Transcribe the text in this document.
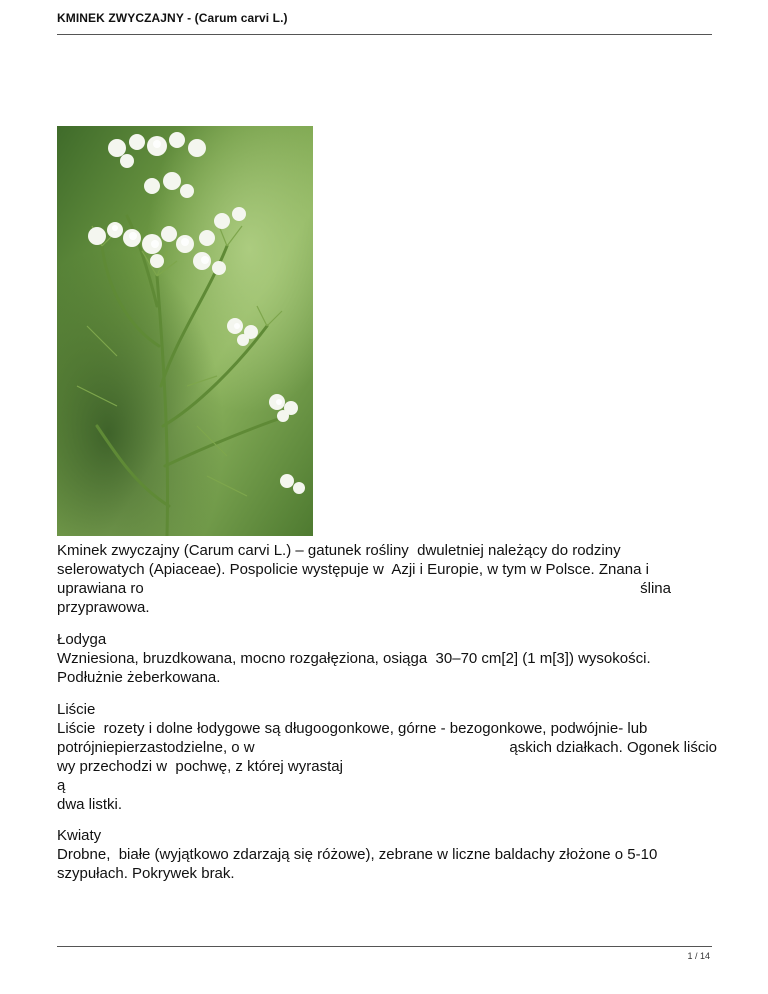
KMINEK ZWYCZAJNY - (Carum carvi L.)
Kminek zwyczajny (Carum carvi L.) – gatunek rośliny  dwuletniej należący do rodziny
selerowatych (Apiaceae). Pospolicie występuje w  Azji i Europie, w tym w Polsce. Znana i
uprawiana ro	ślina
przyprawowa.
Łodyga
Wzniesiona, bruzdkowana, mocno rozgałęziona, osiąga  30–70 cm[2] (1 m[3]) wysokości.
Podłużnie żeberkowana.
Liście
Liście  rozety i dolne łodygowe są długoogonkowe, górne - bezogonkowe, podwójnie- lub
potrójniepierzastodzielne, o w	ąskich działkach. Ogonek liścio
wy przechodzi w  pochwę, z której wyrastaj
ą
dwa listki.
Kwiaty
Drobne,  białe (wyjątkowo zdarzają się różowe), zebrane w liczne baldachy złożone o 5-10
szypułach. Pokrywek brak.
1 / 14
